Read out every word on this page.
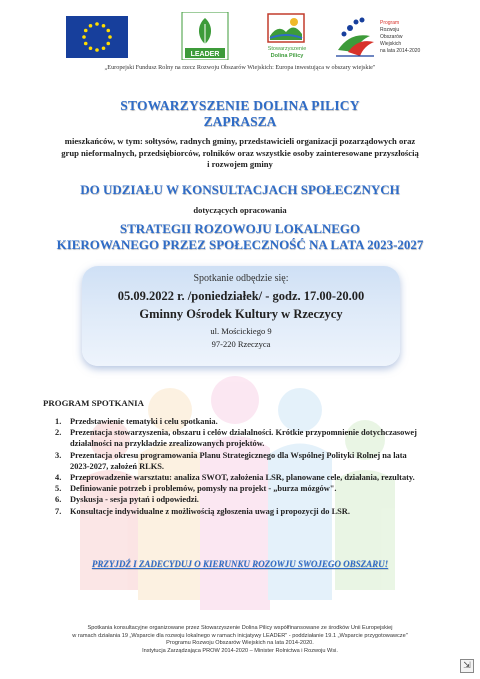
LEADER
Stowarzyszenie
Dolina Pilicy
Program
Rozwoju
Obszarów
Wiejskich
na lata 2014-2020
„Europejski Fundusz Rolny na rzecz Rozwoju Obszarów Wiejskich: Europa inwestująca w obszary wiejskie"
STOWARZYSZENIE DOLINA PILICY
ZAPRASZA
mieszkańców, w tym: sołtysów, radnych gminy, przedstawicieli organizacji pozarządowych oraz grup nieformalnych, przedsiębiorców, rolników oraz wszystkie osoby zainteresowane przyszłością i rozwojem gminy
DO UDZIAŁU W KONSULTACJACH SPOŁECZNYCH
dotyczących opracowania
STRATEGII ROZOWOJU LOKALNEGO
KIEROWANEGO PRZEZ SPOŁECZNOŚĆ NA LATA 2023-2027
Spotkanie odbędzie się:
05.09.2022 r. /poniedziałek/ - godz. 17.00-20.00
Gminny Ośrodek Kultury w Rzeczycy
ul. Mościckiego 9
97-220 Rzeczyca
PROGRAM SPOTKANIA
1. Przedstawienie tematyki i celu spotkania.
2. Prezentacja stowarzyszenia, obszaru i celów działalności. Krótkie przypomnienie dotychczasowej działalności na przykładzie zrealizowanych projektów.
3. Prezentacja okresu programowania Planu Strategicznego dla Wspólnej Polityki Rolnej na lata 2023-2027, założeń RLKS.
4. Przeprowadzenie warsztatu: analiza SWOT, założenia LSR, planowane cele, działania, rezultaty.
5. Definiowanie potrzeb i problemów, pomysły na projekt - „burza mózgów".
6. Dyskusja - sesja pytań i odpowiedzi.
7. Konsultacje indywidualne z możliwością zgłoszenia uwag i propozycji do LSR.
PRZYJDŹ I ZADECYDUJ O KIERUNKU ROZOWJU SWOJEGO OBSZARU!
Spotkania konsultacyjne organizowane przez Stowarzyszenie Dolina Pilicy współfinansowane ze środków Unii Europejskiej
w ramach działania 19 „Wsparcie dla rozwoju lokalnego w ramach inicjatywy LEADER" - poddziałanie 19.1 „Wsparcie przygotowawcze"
Programu Rozwoju Obszarów Wiejskich na lata 2014-2020.
Instytucja Zarządzająca PROW 2014-2020 – Minister Rolnictwa i Rozwoju Wsi.
⇲
